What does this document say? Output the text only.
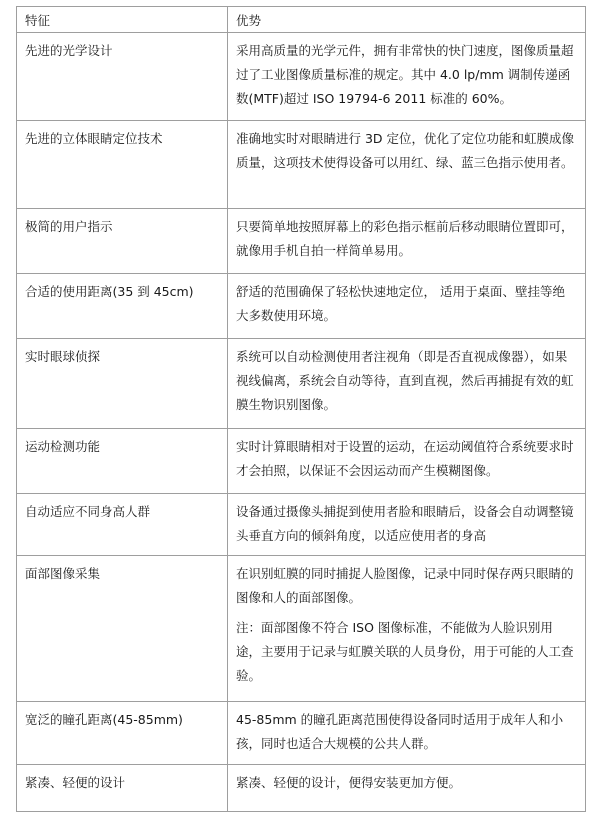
特征	优势
先进的光学设计	采用高质量的光学元件，拥有非常快的快门速度，图像质量超过了工业图像质量标准的规定。其中 4.0 lp/mm 调制传递函数(MTF)超过 ISO 19794-6 2011 标准的 60%。
先进的立体眼睛定位技术	准确地实时对眼睛进行 3D 定位，优化了定位功能和虹膜成像质量，这项技术使得设备可以用红、绿、蓝三色指示使用者。
极简的用户指示	只要简单地按照屏幕上的彩色指示框前后移动眼睛位置即可，就像用手机自拍一样简单易用。
合适的使用距离(35 到 45cm)	舒适的范围确保了轻松快速地定位， 适用于桌面、壁挂等绝大多数使用环境。
实时眼球侦探	系统可以自动检测使用者注视角（即是否直视成像器），如果视线偏离，系统会自动等待，直到直视，然后再捕捉有效的虹膜生物识别图像。
运动检测功能	实时计算眼睛相对于设置的运动，在运动阈值符合系统要求时才会拍照，以保证不会因运动而产生模糊图像。
自动适应不同身高人群	设备通过摄像头捕捉到使用者脸和眼睛后，设备会自动调整镜头垂直方向的倾斜角度，以适应使用者的身高
面部图像采集	在识别虹膜的同时捕捉人脸图像，记录中同时保存两只眼睛的图像和人的面部图像。
注：面部图像不符合 ISO 图像标准，不能做为人脸识别用途，主要用于记录与虹膜关联的人员身份，用于可能的人工查验。

宽泛的瞳孔距离(45-85mm)	45-85mm 的瞳孔距离范围使得设备同时适用于成年人和小孩，同时也适合大规模的公共人群。
紧凑、轻便的设计	紧凑、轻便的设计，便得安装更加方便。
